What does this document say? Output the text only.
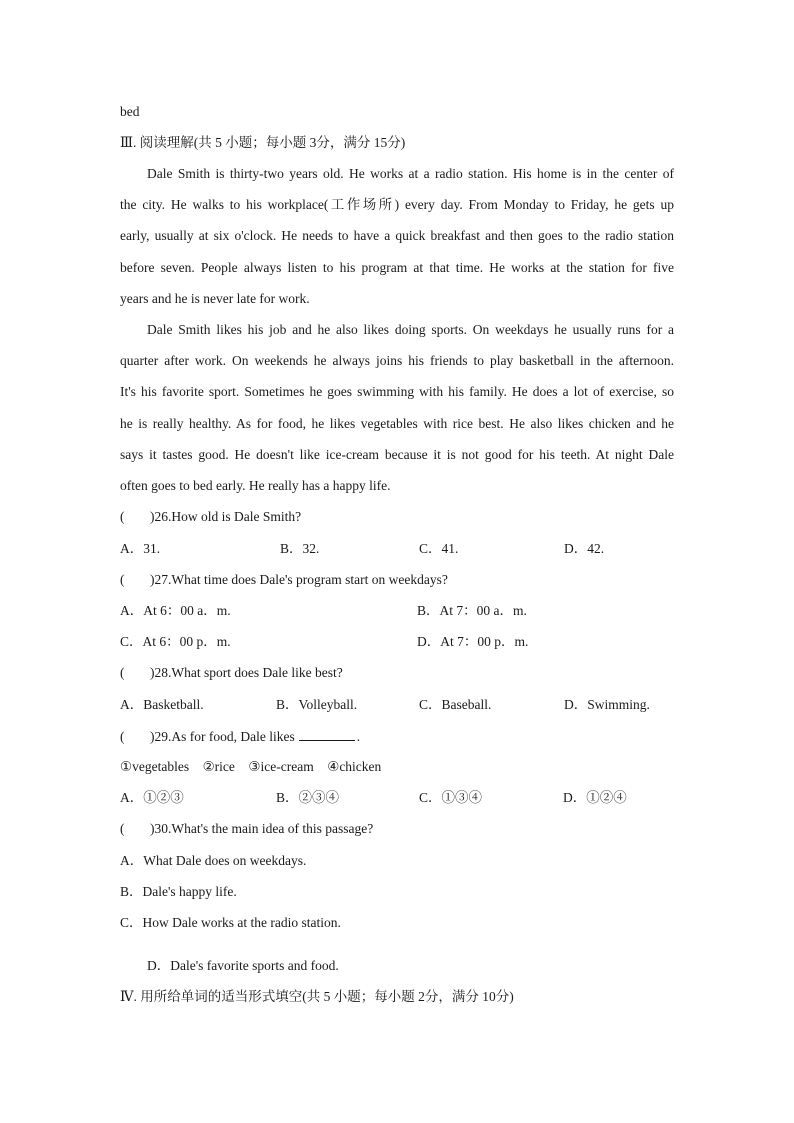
bed
Ⅲ. 阅读理解(共 5 小题；每小题 3分，满分 15分)
Dale Smith is thirty-two years old. He works at a radio station. His home is in the center of
the city. He walks to his workplace(工作场所) every day. From Monday to Friday, he gets up
early, usually at six o'clock. He needs to have a quick breakfast and then goes to the radio station
before seven. People always listen to his program at that time. He works at the station for five
years and he is never late for work.
Dale Smith likes his job and he also likes doing sports. On weekdays he usually runs for a
quarter after work. On weekends he always joins his friends to play basketball in the afternoon.
It's his favorite sport. Sometimes he goes swimming with his family. He does a lot of exercise, so
he is really healthy. As for food, he likes vegetables with rice best. He also likes chicken and he
says it tastes good. He doesn't like ice-cream because it is not good for his teeth. At night Dale
often goes to bed early. He really has a happy life.
( )26.How old is Dale Smith?
A．31.	B．32.	C．41.	D．42.
( )27.What time does Dale's program start on weekdays?
A．At 6：00 a．m.	B．At 7：00 a．m.
C．At 6：00 p．m.	D．At 7：00 p．m.
( )28.What sport does Dale like best?
A．Basketball.	B．Volleyball.	C．Baseball.	D．Swimming.
( )29.As for food, Dale likes	.
①vegetables　②rice　③ice-cream　④chicken
A．①②③	B．②③④	C．①③④	D．①②④
( )30.What's the main idea of this passage?
A．What Dale does on weekdays.
B．Dale's happy life.
C．How Dale works at the radio station.
D．Dale's favorite sports and food.
Ⅳ. 用所给单词的适当形式填空(共 5 小题；每小题 2分，满分 10分)
